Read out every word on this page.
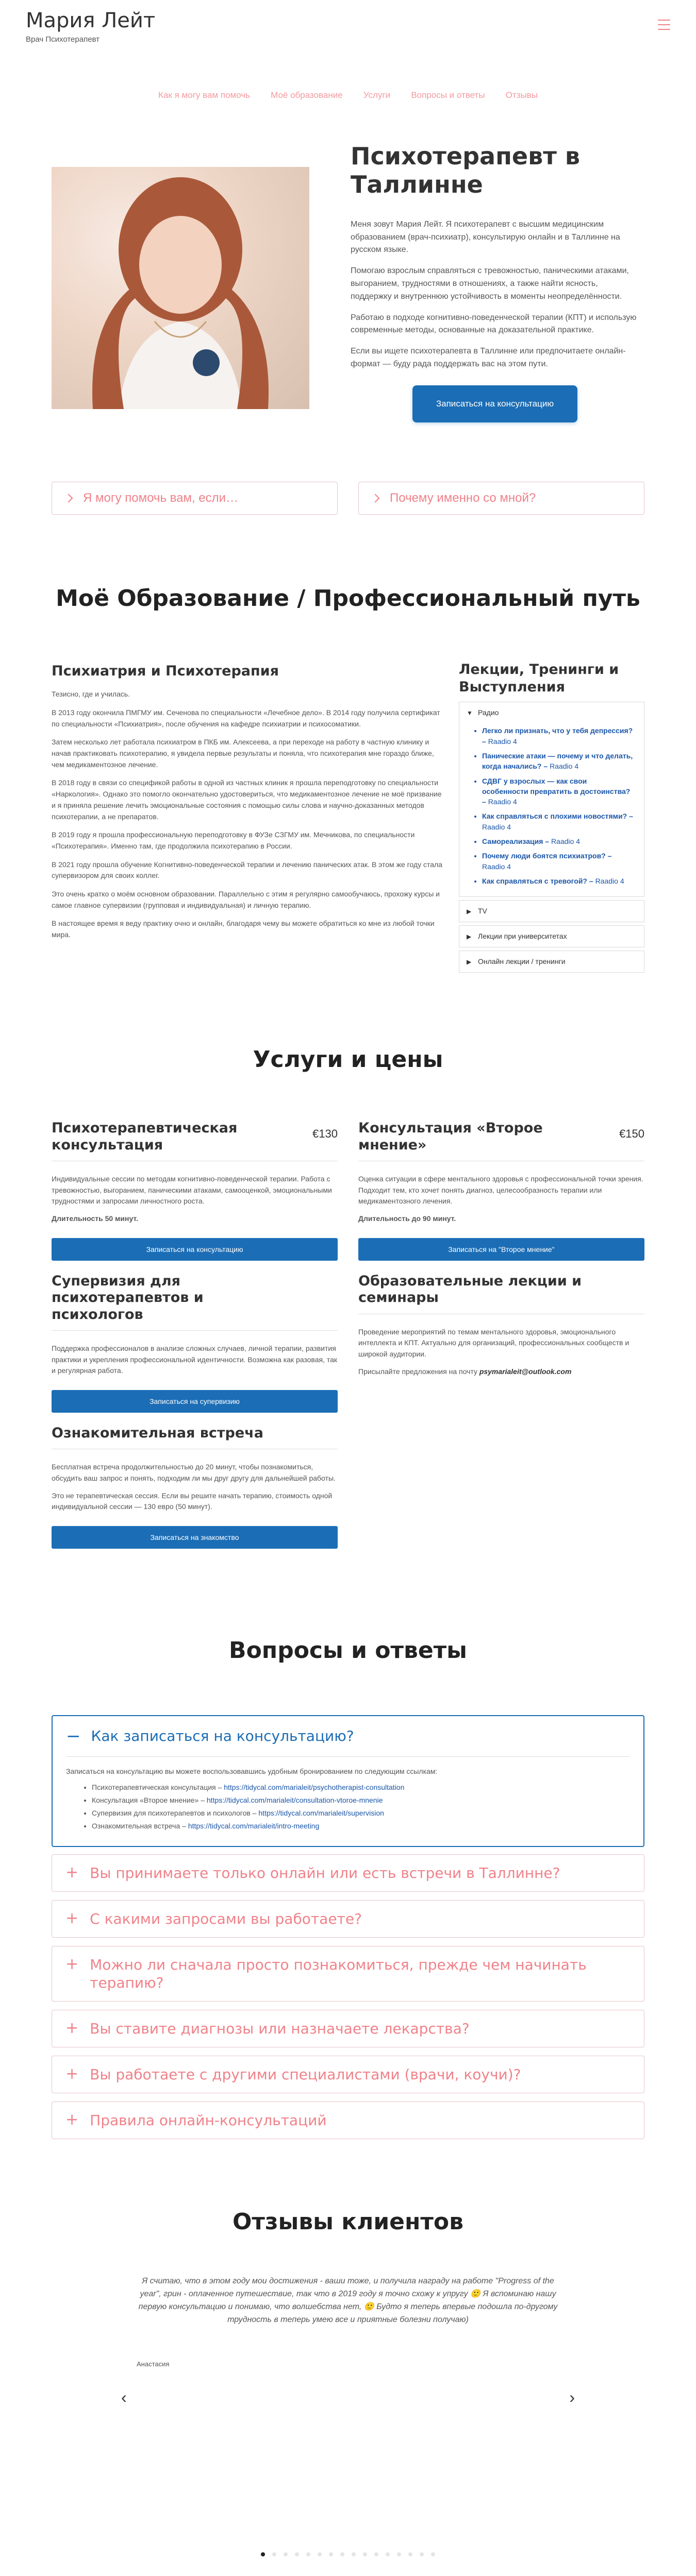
Мария Лейт
Врач Психотерапевт
Как я могу вам помочь Моё образование Услуги Вопросы и ответы Отзывы
Психотерапевт в Таллинне

Меня зовут Мария Лейт. Я психотерапевт с высшим медицинским образованием (врач-психиатр), консультирую онлайн и в Таллинне на русском языке.

Помогаю взрослым справляться с тревожностью, паническими атаками, выгоранием, трудностями в отношениях, а также найти ясность, поддержку и внутреннюю устойчивость в моменты неопределённости.

Работаю в подходе когнитивно-поведенческой терапии (КПТ) и использую современные методы, основанные на доказательной практике.

Если вы ищете психотерапевта в Таллинне или предпочитаете онлайн-формат — буду рада поддержать вас на этом пути.

Записаться на консультацию
Я могу помочь вам, если…	Почему именно со мной?
Моё Образование / Профессиональный путь
Психиатрия и Психотерапия

Тезисно, где и училась.

В 2013 году окончила ПМГМУ им. Сеченова по специальности «Лечебное дело». В 2014 году получила сертификат по специальности «Психиатрия», после обучения на кафедре психиатрии и психосоматики.

Затем несколько лет работала психиатром в ПКБ им. Алексеева, а при переходе на работу в частную клинику и начав практиковать психотерапию, я увидела первые результаты и поняла, что психотерапия мне гораздо ближе, чем медикаментозное лечение.

В 2018 году в связи со спецификой работы в одной из частных клиник я прошла переподготовку по специальности «Наркология». Однако это помогло окончательно удостовериться, что медикаментозное лечение не моё призвание и я приняла решение лечить эмоциональные состояния с помощью силы слова и научно-доказанных методов психотерапии, а не препаратов.

В 2019 году я прошла профессиональную переподготовку в ФУЗе СЗГМУ им. Мечникова, по специальности «Психотерапия». Именно там, где продолжила психотерапию в России.

В 2021 году прошла обучение Когнитивно-поведенческой терапии и лечению панических атак. В этом же году стала супервизором для своих коллег.

Это очень кратко о моём основном образовании. Параллельно с этим я регулярно самообучаюсь, прохожу курсы и самое главное супервизии (групповая и индивидуальная) и личную терапию.

В настоящее время я веду практику очно и онлайн, благодаря чему вы можете обратиться ко мне из любой точки мира.

Лекции, Тренинги и Выступления
▼ Радио
• Легко ли признать, что у тебя депрессия? – Raadio 4
• Панические атаки — почему и что делать, когда начались? – Raadio 4
• СДВГ у взрослых — как свои особенности превратить в достоинства? – Raadio 4
• Как справляться с плохими новостями? – Raadio 4
• Самореализация – Raadio 4
• Почему люди боятся психиатров? – Raadio 4
• Как справляться с тревогой? – Raadio 4
▶ TV
▶ Лекции при университетах
▶ Онлайн лекции / тренинги
Услуги и цены
Психотерапевтическая консультация
€130

Индивидуальные сессии по методам когнитивно-поведенческой терапии. Работа с тревожностью, выгоранием, паническими атаками, самооценкой, эмоциональными трудностями и запросами личностного роста.

Длительность 50 минут.

Записаться на консультацию
Консультация «Второе мнение»
€150

Оценка ситуации в сфере ментального здоровья с профессиональной точки зрения. Подходит тем, кто хочет понять диагноз, целесообразность терапии или медикаментозного лечения.

Длительность до 90 минут.

Записаться на "Второе мнение"
Супервизия для психотерапевтов и психологов

Поддержка профессионалов в анализе сложных случаев, личной терапии, развития практики и укрепления профессиональной идентичности. Возможна как разовая, так и регулярная работа.

Записаться на супервизию
Образовательные лекции и семинары

Проведение мероприятий по темам ментального здоровья, эмоционального интеллекта и КПТ. Актуально для организаций, профессиональных сообществ и широкой аудитории.

Присылайте предложения на почту psymarialeit@outlook.com

Ознакомительная встреча

Бесплатная встреча продолжительностью до 20 минут, чтобы познакомиться, обсудить ваш запрос и понять, подходим ли мы друг другу для дальнейшей работы.

Это не терапевтическая сессия. Если вы решите начать терапию, стоимость одной индивидуальной сессии — 130 евро (50 минут).

Записаться на знакомство
Вопросы и ответы
− Как записаться на консультацию?

Записаться на консультацию вы можете воспользовавшись удобным бронированием по следующим ссылкам:

• Психотерапевтическая консультация – https://tidycal.com/marialeit/psychotherapist-consultation
• Консультация «Второе мнение» – https://tidycal.com/marialeit/consultation-vtoroe-mnenie
• Супервизия для психотерапевтов и психологов – https://tidycal.com/marialeit/supervision
• Ознакомительная встреча – https://tidycal.com/marialeit/intro-meeting
+ Вы принимаете только онлайн или есть встречи в Таллинне?
+ С какими запросами вы работаете?
+ Можно ли сначала просто познакомиться, прежде чем начинать терапию?
+ Вы ставите диагнозы или назначаете лекарства?
+ Вы работаете с другими специалистами (врачи, коучи)?
+ Правила онлайн-консультаций
Отзывы клиентов

Я считаю, что в этом году мои достижения - ваши тоже, и получила награду на работе "Progress of the year", грин - оплаченное путешествие, так что в 2019 году я точно схожу к упругу 🙂 Я вспоминаю нашу первую консультацию и понимаю, что волшебства нет, 🙂 Будто я теперь впервые подошла по-другому трудность в теперь умею все и приятные болезни получаю)

Анастасия

‹	›
